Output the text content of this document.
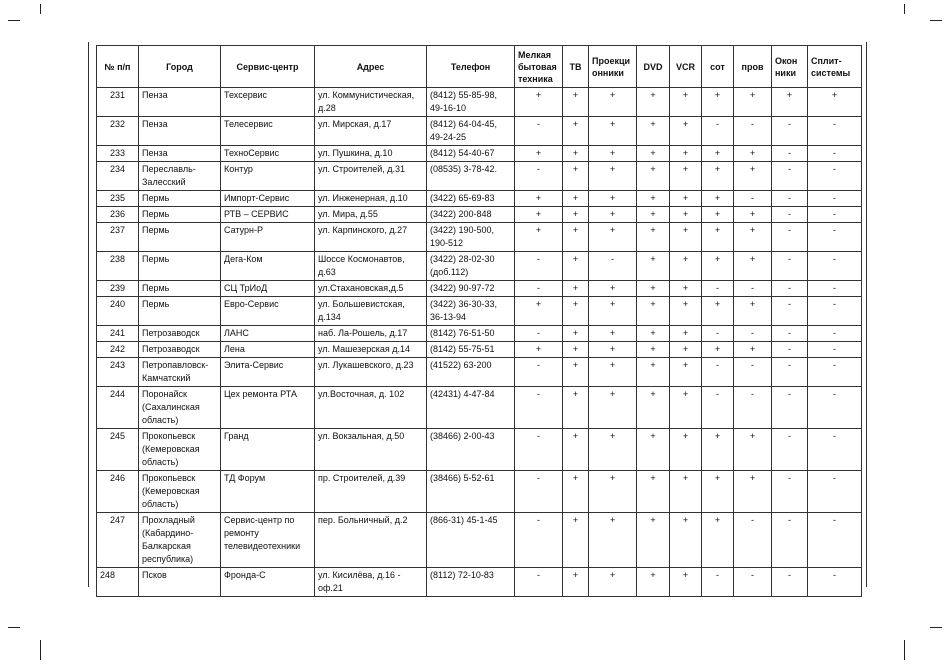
№ п/п	Город	Сервис-центр	Адрес	Телефон	Мелкая бытовая техника	ТВ	Проекци онники	DVD	VCR	сот	пров	Окон ники	Сплит-системы
231	Пенза	Техсервис	ул. Коммунистическая, д.28	(8412) 55-85-98, 49-16-10	+	+	+	+	+	+	+	+	+
232	Пенза	Телесервис	ул. Мирская, д.17	(8412) 64-04-45, 49-24-25	-	+	+	+	+	-	-	-	-
233	Пенза	ТехноСервис	ул. Пушкина, д.10	(8412) 54-40-67	+	+	+	+	+	+	+	-	-
234	Переславль-Залесский	Контур	ул. Строителей, д.31	(08535) 3-78-42.	-	+	+	+	+	+	+	-	-
235	Пермь	Импорт-Сервис	ул. Инженерная, д.10	(3422) 65-69-83	+	+	+	+	+	+	-	-	-
236	Пермь	РТВ – СЕРВИС	ул. Мира, д.55	(3422) 200-848	+	+	+	+	+	+	+	-	-
237	Пермь	Сатурн-Р	ул. Карпинского, д.27	(3422) 190-500, 190-512	+	+	+	+	+	+	+	-	-
238	Пермь	Дега-Ком	Шоссе Космонавтов, д.63	(3422) 28-02-30 (доб.112)	-	+	-	+	+	+	+	-	-
239	Пермь	СЦ ТрИоД	ул.Стахановская,д.5	(3422) 90-97-72	-	+	+	+	+	-	-	-	-
240	Пермь	Евро-Сервис	ул. Большевистская, д.134	(3422) 36-30-33, 36-13-94	+	+	+	+	+	+	+	-	-
241	Петрозаводск	ЛАНС	наб. Ла-Рошель, д.17	(8142) 76-51-50	-	+	+	+	+	-	-	-	-
242	Петрозаводск	Лена	ул. Машезерская д.14	(8142) 55-75-51	+	+	+	+	+	+	+	-	-
243	Петропавловск-Камчатский	Элита-Сервис	ул. Лукашевского, д.23	(41522) 63-200	-	+	+	+	+	-	-	-	-
244	Поронайск (Сахалинская область)	Цех ремонта РТА	ул.Восточная, д. 102	(42431) 4-47-84	-	+	+	+	+	-	-	-	-
245	Прокопьевск (Кемеровская область)	Гранд	ул. Вокзальная, д.50	(38466) 2-00-43	-	+	+	+	+	+	+	-	-
246	Прокопьевск (Кемеровская область)	ТД Форум	пр. Строителей, д.39	(38466) 5-52-61	-	+	+	+	+	+	+	-	-
247	Прохладный (Кабардино-Балкарская республика)	Сервис-центр по ремонту телевидеотехники	пер. Больничный, д.2	(866-31) 45-1-45	-	+	+	+	+	+	-	-	-
248	Псков	Фронда-С	ул. Кисилёва, д.16 - оф.21	(8112) 72-10-83	-	+	+	+	+	-	-	-	-
